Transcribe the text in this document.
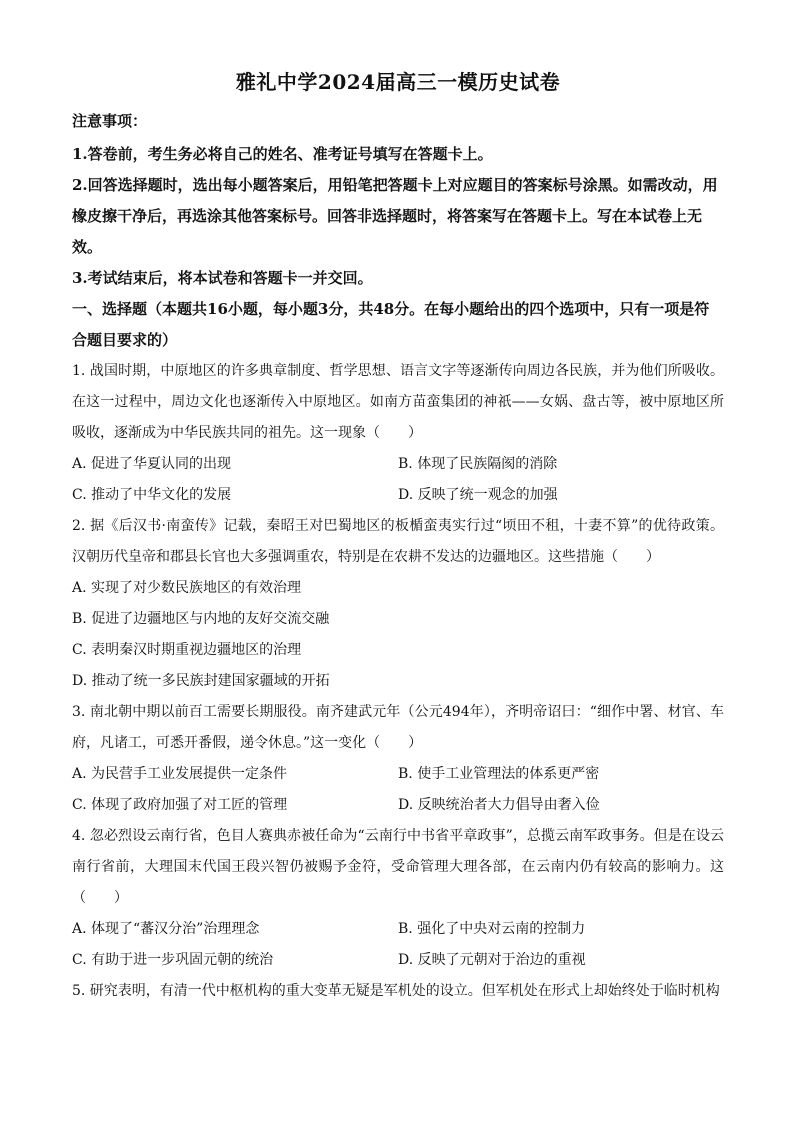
雅礼中学2024届高三一模历史试卷
注意事项：
1.答卷前，考生务必将自己的姓名、准考证号填写在答题卡上。
2.回答选择题时，选出每小题答案后，用铅笔把答题卡上对应题目的答案标号涂黑。如需改动，用橡皮擦干净后，再选涂其他答案标号。回答非选择题时，将答案写在答题卡上。写在本试卷上无效。
3.考试结束后，将本试卷和答题卡一并交回。
一、选择题（本题共16小题，每小题3分，共48分。在每小题给出的四个选项中，只有一项是符合题目要求的）
1. 战国时期，中原地区的许多典章制度、哲学思想、语言文字等逐渐传向周边各民族，并为他们所吸收。在这一过程中，周边文化也逐渐传入中原地区。如南方苗蛮集团的神祇——女娲、盘古等，被中原地区所吸收，逐渐成为中华民族共同的祖先。这一现象（　　）
A. 促进了华夏认同的出现	B. 体现了民族隔阂的消除
C. 推动了中华文化的发展	D. 反映了统一观念的加强
2. 据《后汉书·南蛮传》记载，秦昭王对巴蜀地区的板楯蛮夷实行过“顷田不租，十妻不算”的优待政策。汉朝历代皇帝和郡县长官也大多强调重农，特别是在农耕不发达的边疆地区。这些措施（　　）
A. 实现了对少数民族地区的有效治理
B. 促进了边疆地区与内地的友好交流交融
C. 表明秦汉时期重视边疆地区的治理
D. 推动了统一多民族封建国家疆域的开拓
3. 南北朝中期以前百工需要长期服役。南齐建武元年（公元494年），齐明帝诏曰：“细作中署、材官、车府，凡诸工，可悉开番假，递令休息。”这一变化（　　）
A. 为民营手工业发展提供一定条件	B. 使手工业管理法的体系更严密
C. 体现了政府加强了对工匠的管理	D. 反映统治者大力倡导由奢入俭
4. 忽必烈设云南行省，色目人赛典赤被任命为“云南行中书省平章政事”，总揽云南军政事务。但是在设云南行省前，大理国末代国王段兴智仍被赐予金符，受命管理大理各部，在云南内仍有较高的影响力。这（　　）
A. 体现了“蕃汉分治”治理理念	B. 强化了中央对云南的控制力
C. 有助于进一步巩固元朝的统治	D. 反映了元朝对于治边的重视
5. 研究表明，有清一代中枢机构的重大变革无疑是军机处的设立。但军机处在形式上却始终处于临时机构
